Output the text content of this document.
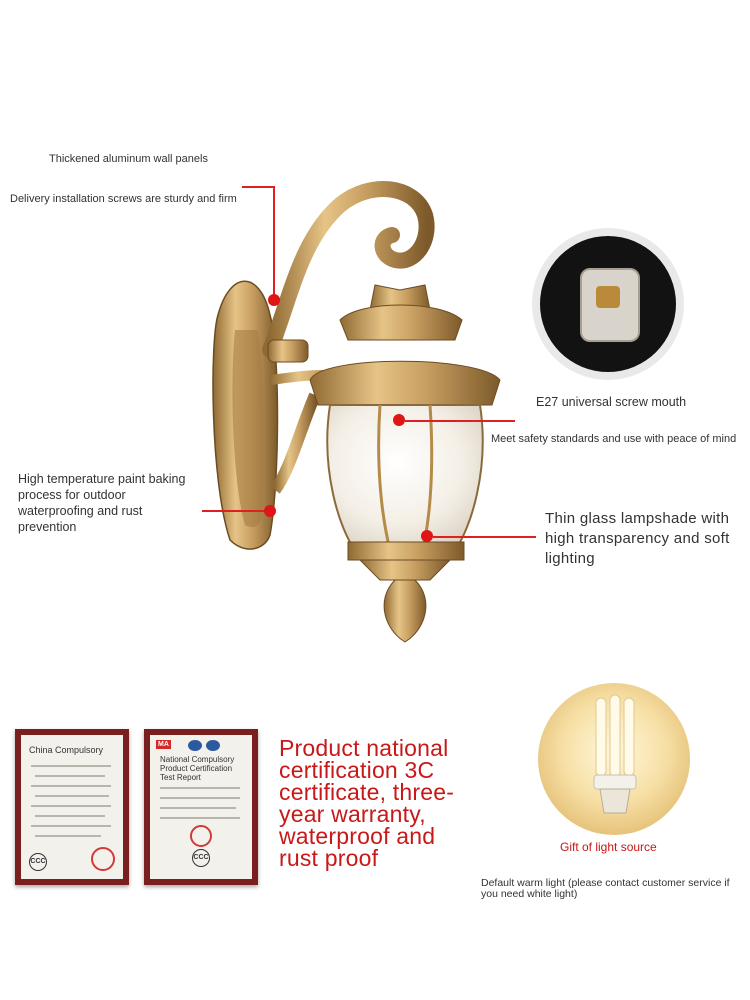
Thickened aluminum wall panels
Delivery installation screws are sturdy and firm
High temperature paint baking process for outdoor waterproofing and rust prevention
E27 universal screw mouth
Meet safety standards and use with peace of mind
Thin glass lampshade with high transparency and soft lighting
China Compulsory
CCC
MA
National Compulsory Product Certification Test Report
CCC
Product national certification 3C certificate, three-year warranty, waterproof and rust proof	Gift of light source
Default warm light (please contact customer service if you need white light)
